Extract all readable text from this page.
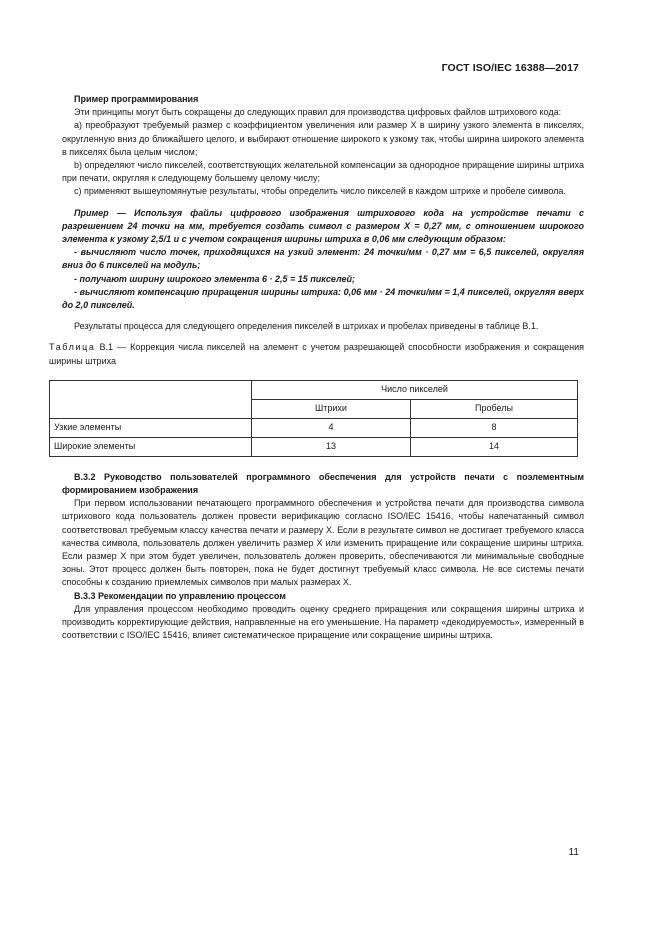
ГОСТ ISO/IEC 16388—2017

Пример программирования

Эти принципы могут быть сокращены до следующих правил для производства цифровых файлов штрихового кода:

а) преобразуют требуемый размер с коэффициентом увеличения или размер X в ширину узкого элемента в пикселях, округленную вниз до ближайшего целого, и выбирают отношение широкого к узкому так, чтобы ширина широкого элемента в пикселях была целым числом;

b) определяют число пикселей, соответствующих желательной компенсации за однородное приращение ширины штриха при печати, округляя к следующему большему целому числу;

c) применяют вышеупомянутые результаты, чтобы определить число пикселей в каждом штрихе и пробеле символа.

Пример — Используя файлы цифрового изображения штрихового кода на устройстве печати с разрешением 24 точки на мм, требуется создать символ с размером X = 0,27 мм, с отношением широкого элемента к узкому 2,5/1 и с учетом сокращения ширины штриха в 0,06 мм следующим образом:

- вычисляют число точек, приходящихся на узкий элемент: 24 точки/мм · 0,27 мм = 6,5 пикселей, округляя вниз до 6 пикселей на модуль;

- получают ширину широкого элемента 6 · 2,5 = 15 пикселей;

- вычисляют компенсацию приращения ширины штриха: 0,06 мм · 24 точки/мм = 1,4 пикселей, округляя вверх до 2,0 пикселей.

Результаты процесса для следующего определения пикселей в штрихах и пробелах приведены в таблице В.1.

Таблица В.1 — Коррекция числа пикселей на элемент с учетом разрешающей способности изображения и сокращения ширины штриха

	Число пикселей	
	Штрихи	Пробелы
Узкие элементы	4	8
Широкие элементы	13	14

В.3.2 Руководство пользователей программного обеспечения для устройств печати с поэлементным формированием изображения

При первом использовании печатающего программного обеспечения и устройства печати для производства символа штрихового кода пользователь должен провести верификацию согласно ISO/IEC 15416, чтобы напечатанный символ соответствовал требуемым классу качества печати и размеру X. Если в результате символ не достигает требуемого класса качества символа, пользователь должен увеличить размер X или изменить приращение или сокращение ширины штриха. Если размер X при этом будет увеличен, пользователь должен проверить, обеспечиваются ли минимальные свободные зоны. Этот процесс должен быть повторен, пока не будет достигнут требуемый класс символа. Не все системы печати способны к созданию приемлемых символов при малых размерах X.

В.3.3 Рекомендации по управлению процессом

Для управления процессом необходимо проводить оценку среднего приращения или сокращения ширины штриха и производить корректирующие действия, направленные на его уменьшение. На параметр «декодируемость», измеренный в соответствии с ISO/IEC 15416, влияет систематическое приращение или сокращение ширины штриха.

11
